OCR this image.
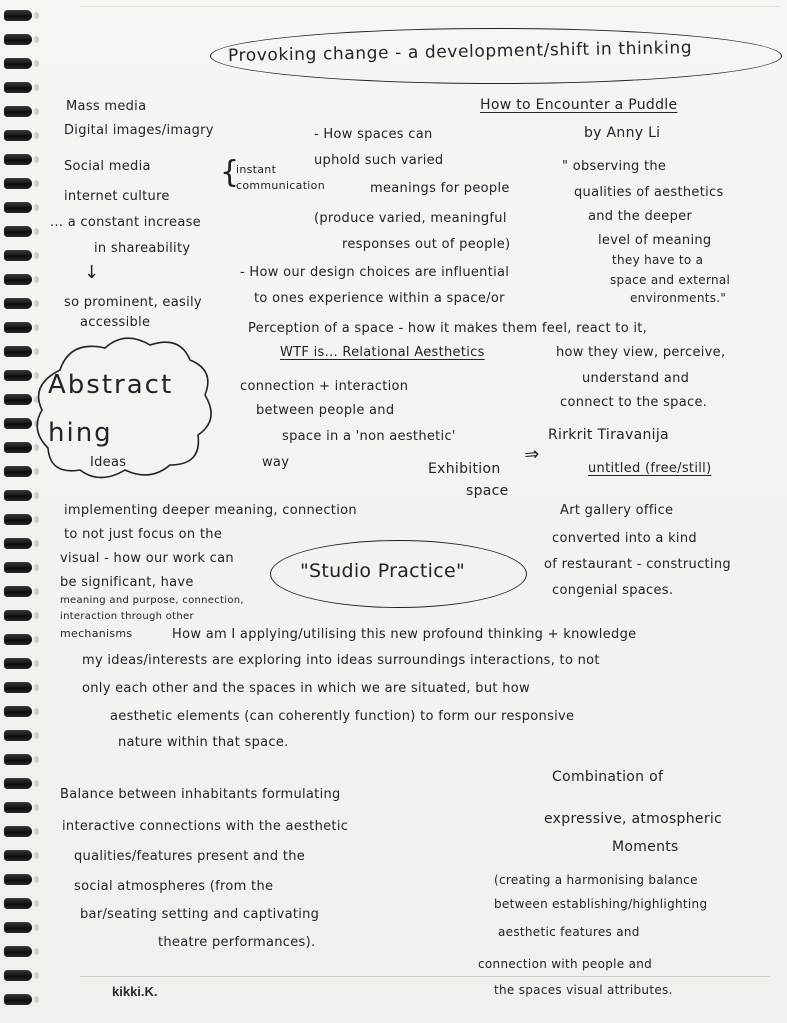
Provoking change - a development/shift in thinking
Mass media
Digital images/imagry
Social media {
instant
communication
internet culture
... a constant increase
in shareability
↓
so prominent, easily
accessible
- How spaces can
uphold such varied
meanings for people
(produce varied, meaningful
responses out of people)
- How our design choices are influential
to ones experience within a space/or
Perception of a space - how it makes them feel, react to it,
How to Encounter a Puddle
by Anny Li
" observing the
qualities of aesthetics
and the deeper
level of meaning
they have to a
space and external
environments."
Abstract
hing
Ideas
WTF is... Relational Aesthetics
connection + interaction
between people and
space in a 'non aesthetic'
way	Exhibition
space
⇗
how they view, perceive,
understand and
connect to the space.
Rirkrit Tiravanija
untitled (free/still)
Art gallery office
converted into a kind
of restaurant - constructing
congenial spaces.
implementing deeper meaning, connection
to not just focus on the
visual - how our work can
be significant, have
meaning and purpose, connection,
interaction through other
mechanisms
"Studio Practice"
How am I applying/utilising this new profound thinking + knowledge
my ideas/interests are exploring into ideas surroundings interactions, to not
only each other and the spaces in which we are situated, but how
aesthetic elements (can coherently function) to form our responsive
nature within that space.
Balance between inhabitants formulating
interactive connections with the aesthetic
qualities/features present and the
social atmospheres (from the
bar/seating setting and captivating
theatre performances).
Combination of
expressive, atmospheric
Moments
(creating a harmonising balance
between establishing/highlighting
aesthetic features and
connection with people and
the spaces visual attributes.
kikki.K.
